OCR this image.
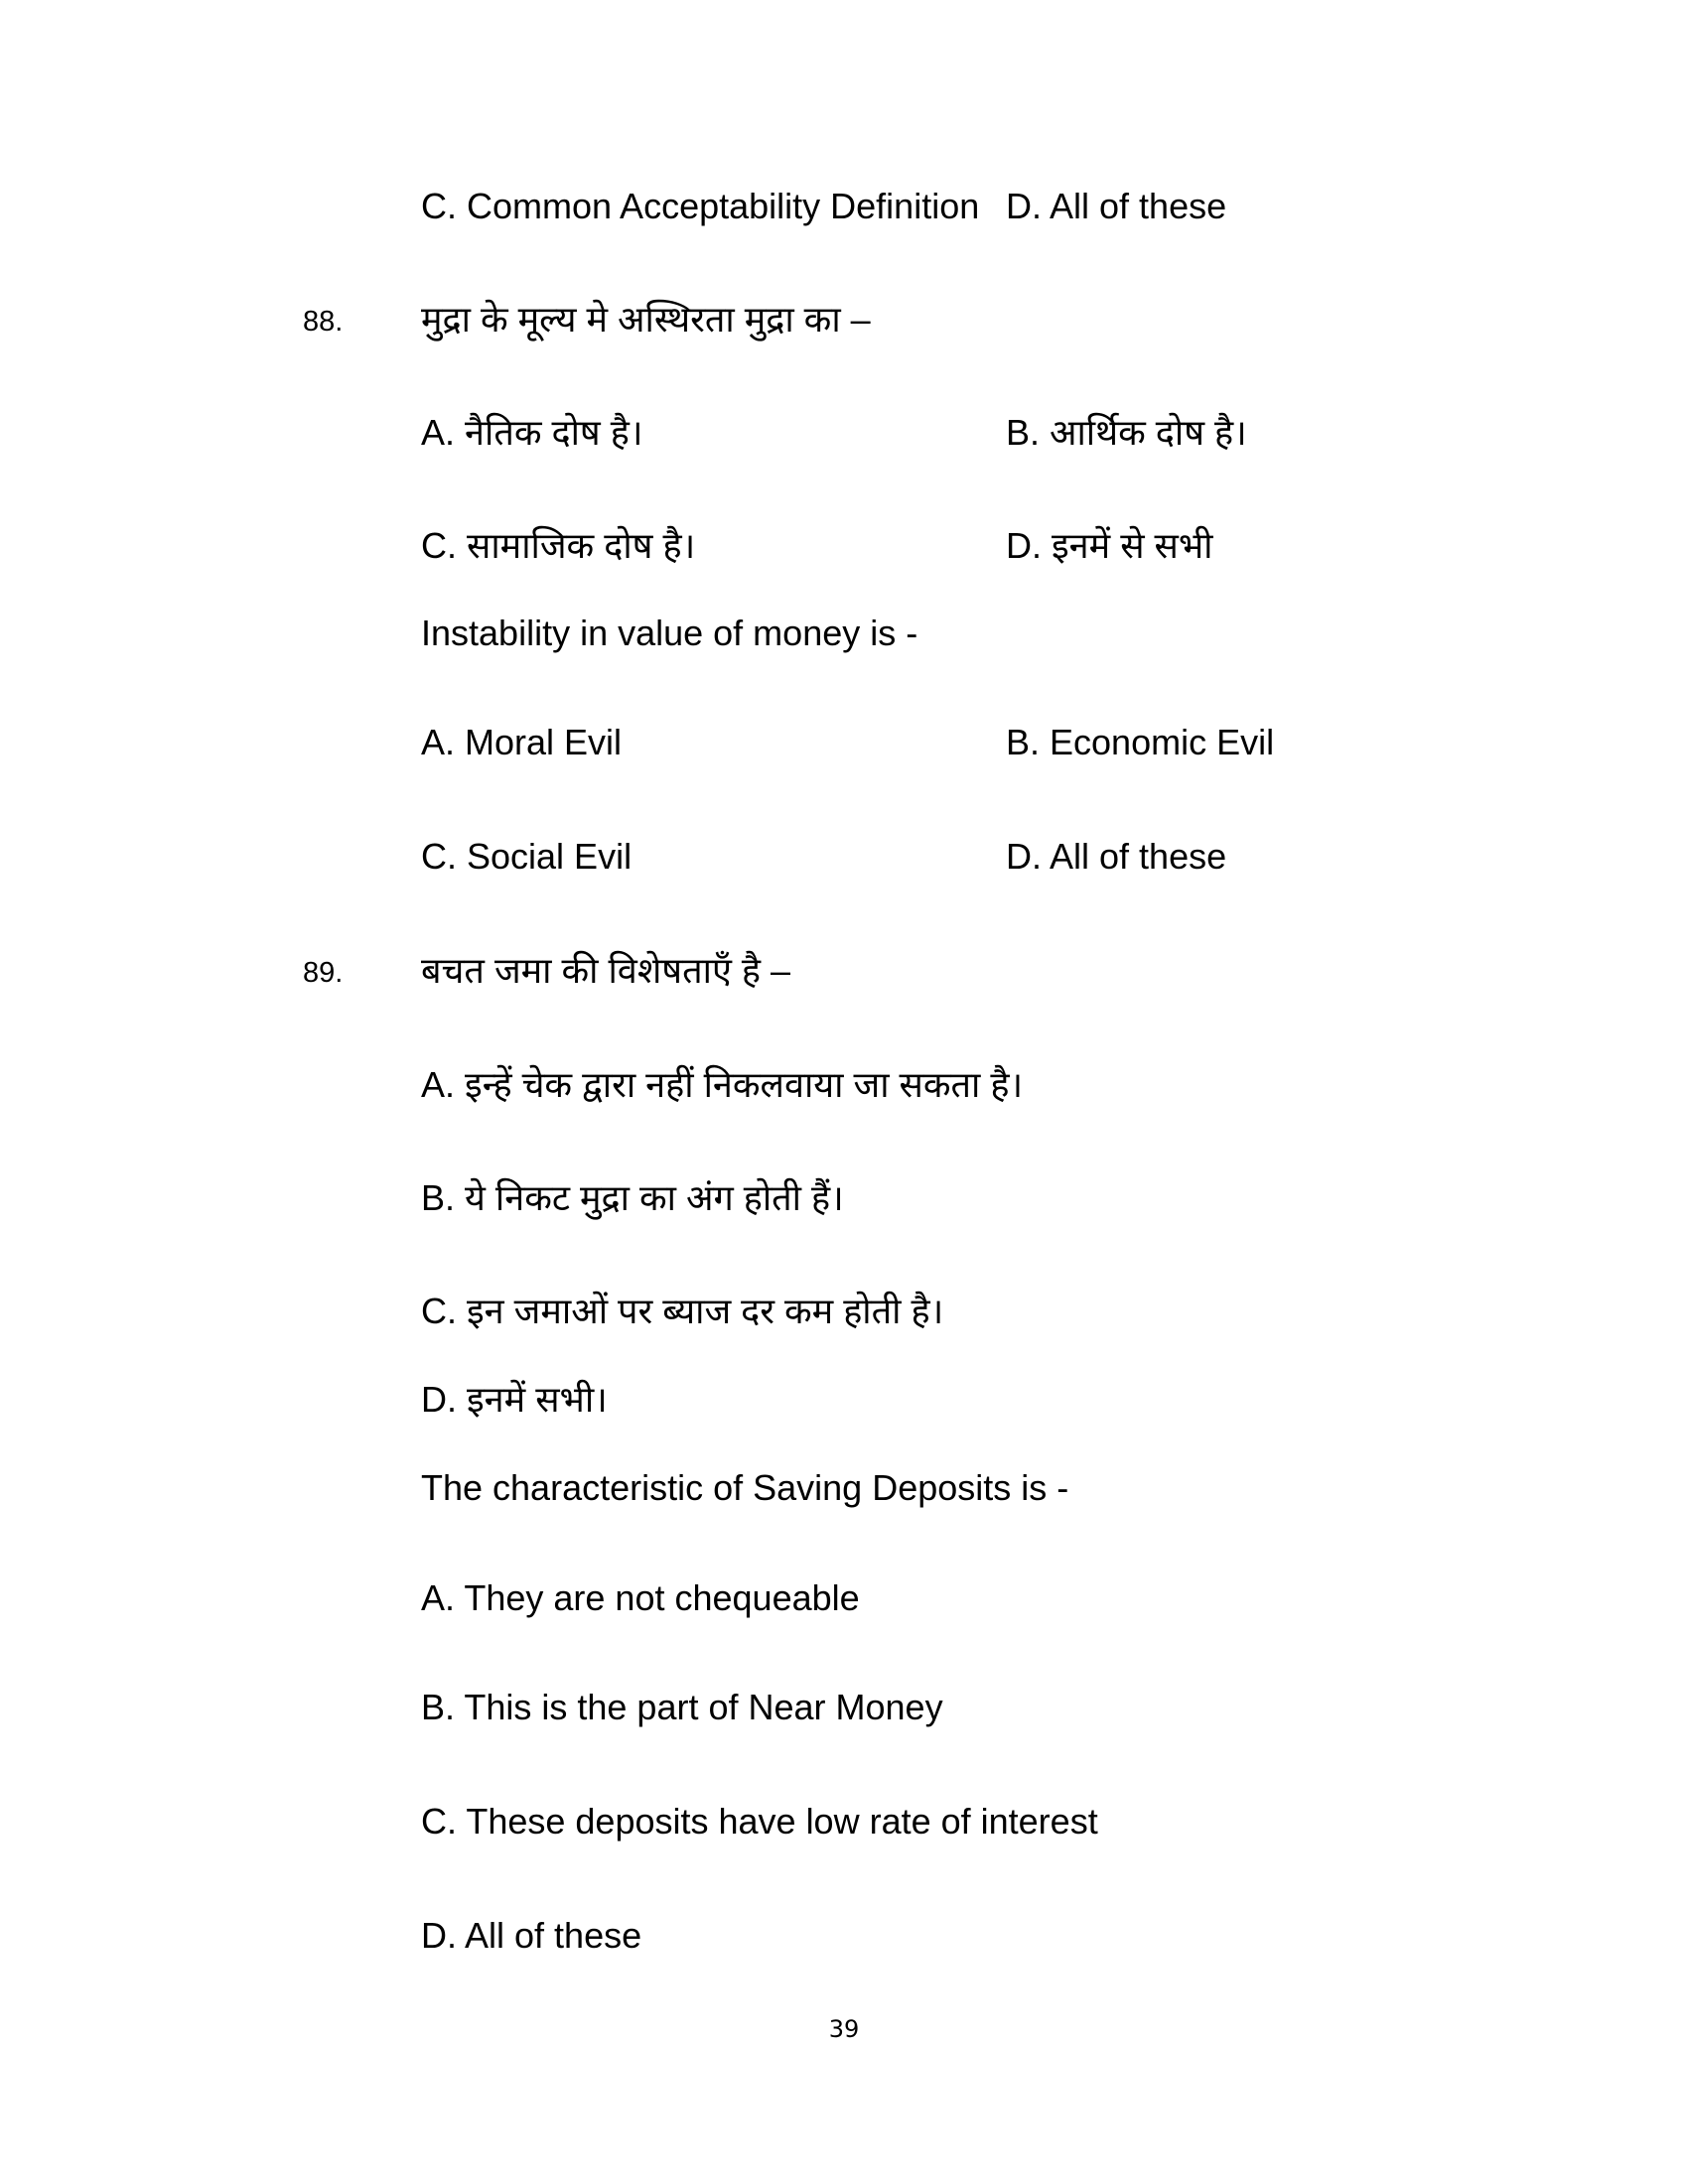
C. Common Acceptability Definition D. All of these
88. मुद्रा के मूल्य मे अस्थिरता मुद्रा का –
A. नैतिक दोष है।	B. आर्थिक दोष है।
C. सामाजिक दोष है।	D. इनमें से सभी
Instability in value of money is -
A. Moral Evil	B. Economic Evil
C. Social Evil	D. All of these
89. बचत जमा की विशेषताएँ है –
A. इन्हें चेक द्वारा नहीं निकलवाया जा सकता है।
B. ये निकट मुद्रा का अंग होती हैं।
C. इन जमाओं पर ब्याज दर कम होती है।
D. इनमें सभी।
The characteristic of Saving Deposits is -
A. They are not chequeable
B. This is the part of Near Money
C. These deposits have low rate of interest
D. All of these
39
